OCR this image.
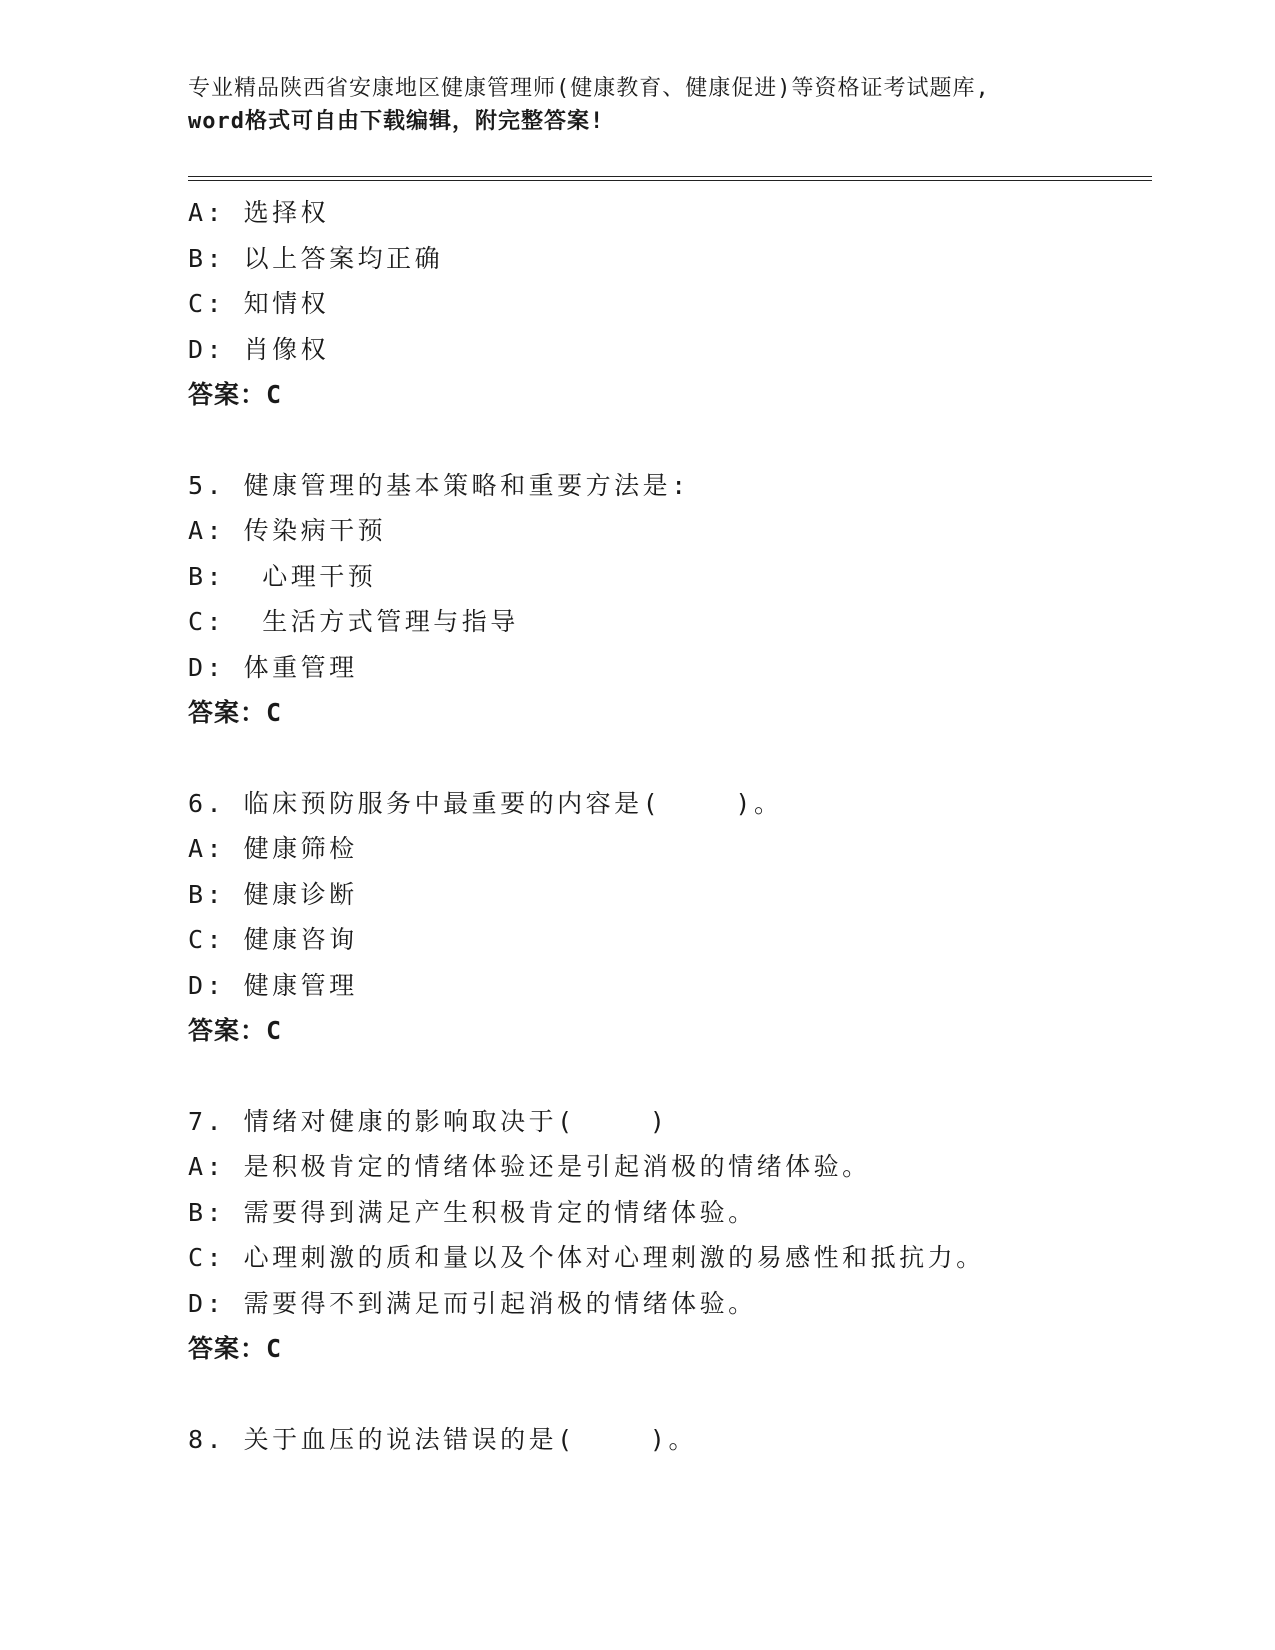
专业精品陕西省安康地区健康管理师(健康教育、健康促进)等资格证考试题库,
word格式可自由下载编辑，附完整答案!
A: 选择权
B: 以上答案均正确
C: 知情权
D: 肖像权
答案：C
5. 健康管理的基本策略和重要方法是:
A: 传染病干预
B:  心理干预
C:  生活方式管理与指导
D: 体重管理
答案：C
6. 临床预防服务中最重要的内容是(    )。
A: 健康筛检
B: 健康诊断
C: 健康咨询
D: 健康管理
答案：C
7. 情绪对健康的影响取决于(    )
A: 是积极肯定的情绪体验还是引起消极的情绪体验。
B: 需要得到满足产生积极肯定的情绪体验。
C: 心理刺激的质和量以及个体对心理刺激的易感性和抵抗力。
D: 需要得不到满足而引起消极的情绪体验。
答案：C
8. 关于血压的说法错误的是(    )。
